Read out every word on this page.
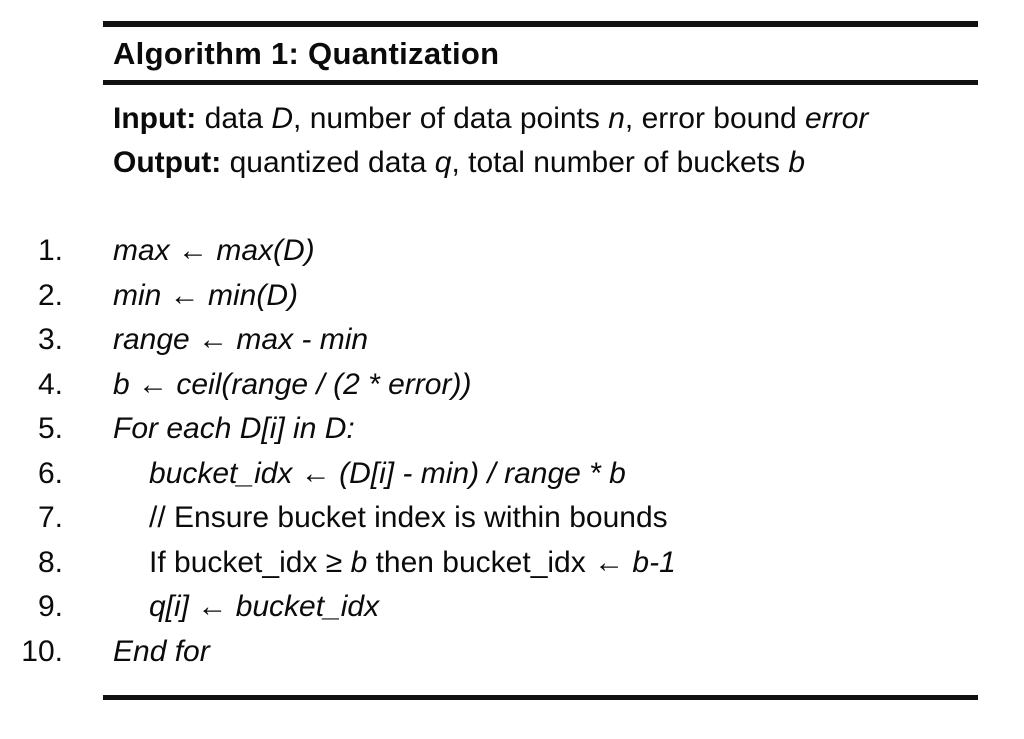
Algorithm 1: Quantization
Input: data D, number of data points n, error bound error
Output: quantized data q, total number of buckets b
1. max ← max(D)
2. min ← min(D)
3. range ← max - min
4. b ← ceil(range / (2 * error))
5. For each D[i] in D:
6.	bucket_idx ← (D[i] - min) / range * b
7.	// Ensure bucket index is within bounds
8.	If bucket_idx ≥ b then bucket_idx ← b-1
9.	q[i] ← bucket_idx
10. End for
